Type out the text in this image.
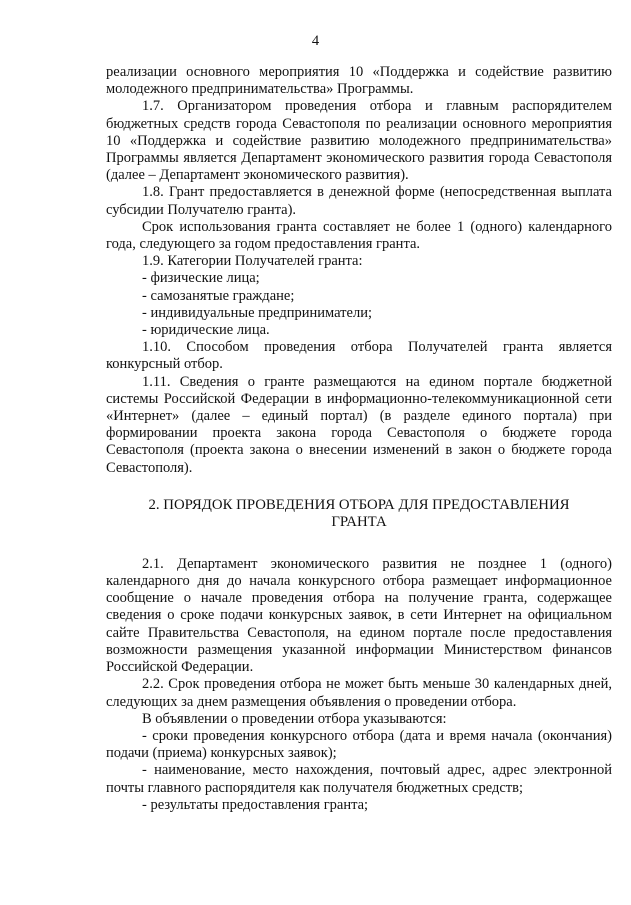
4

реализации основного мероприятия 10 «Поддержка и содействие развитию молодежного предпринимательства» Программы.

1.7. Организатором проведения отбора и главным распорядителем бюджетных средств города Севастополя по реализации основного мероприятия 10 «Поддержка и содействие развитию молодежного предпринимательства» Программы является Департамент экономического развития города Севастополя (далее – Департамент экономического развития).

1.8. Грант предоставляется в денежной форме (непосредственная выплата субсидии Получателю гранта).

Срок использования гранта составляет не более 1 (одного) календарного года, следующего за годом предоставления гранта.

1.9. Категории Получателей гранта:

- физические лица;

- самозанятые граждане;

- индивидуальные предприниматели;

- юридические лица.

1.10. Способом проведения отбора Получателей гранта является конкурсный отбор.

1.11. Сведения о гранте размещаются на едином портале бюджетной системы Российской Федерации в информационно-телекоммуникационной сети «Интернет» (далее – единый портал) (в разделе единого портала) при формировании проекта закона города Севастополя о бюджете города Севастополя (проекта закона о внесении изменений в закон о бюджете города Севастополя).

2. ПОРЯДОК ПРОВЕДЕНИЯ ОТБОРА ДЛЯ ПРЕДОСТАВЛЕНИЯ ГРАНТА

2.1. Департамент экономического развития не позднее 1 (одного) календарного дня до начала конкурсного отбора размещает информационное сообщение о начале проведения отбора на получение гранта, содержащее сведения о сроке подачи конкурсных заявок, в сети Интернет на официальном сайте Правительства Севастополя, на едином портале после предоставления возможности размещения указанной информации Министерством финансов Российской Федерации.

2.2. Срок проведения отбора не может быть меньше 30 календарных дней, следующих за днем размещения объявления о проведении отбора.

В объявлении о проведении отбора указываются:

- сроки проведения конкурсного отбора (дата и время начала (окончания) подачи (приема) конкурсных заявок);

- наименование, место нахождения, почтовый адрес, адрес электронной почты главного распорядителя как получателя бюджетных средств;

- результаты предоставления гранта;
